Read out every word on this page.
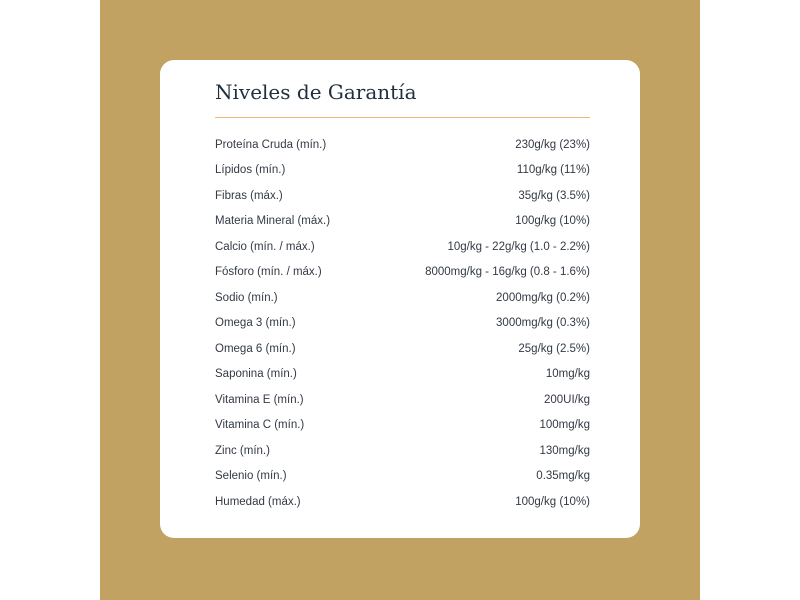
Niveles de Garantía
Proteína Cruda (mín.)	230g/kg (23%)
Lípidos (mín.)	110g/kg (11%)
Fibras (máx.)	35g/kg (3.5%)
Materia Mineral (máx.)	100g/kg (10%)
Calcio (mín. / máx.)	10g/kg - 22g/kg (1.0 - 2.2%)
Fósforo (mín. / máx.)	8000mg/kg - 16g/kg (0.8 - 1.6%)
Sodio (mín.)	2000mg/kg (0.2%)
Omega 3 (mín.)	3000mg/kg (0.3%)
Omega 6 (mín.)	25g/kg (2.5%)
Saponina (mín.)	10mg/kg
Vitamina E (mín.)	200UI/kg
Vitamina C (mín.)	100mg/kg
Zinc (mín.)	130mg/kg
Selenio (mín.)	0.35mg/kg
Humedad (máx.)	100g/kg (10%)
